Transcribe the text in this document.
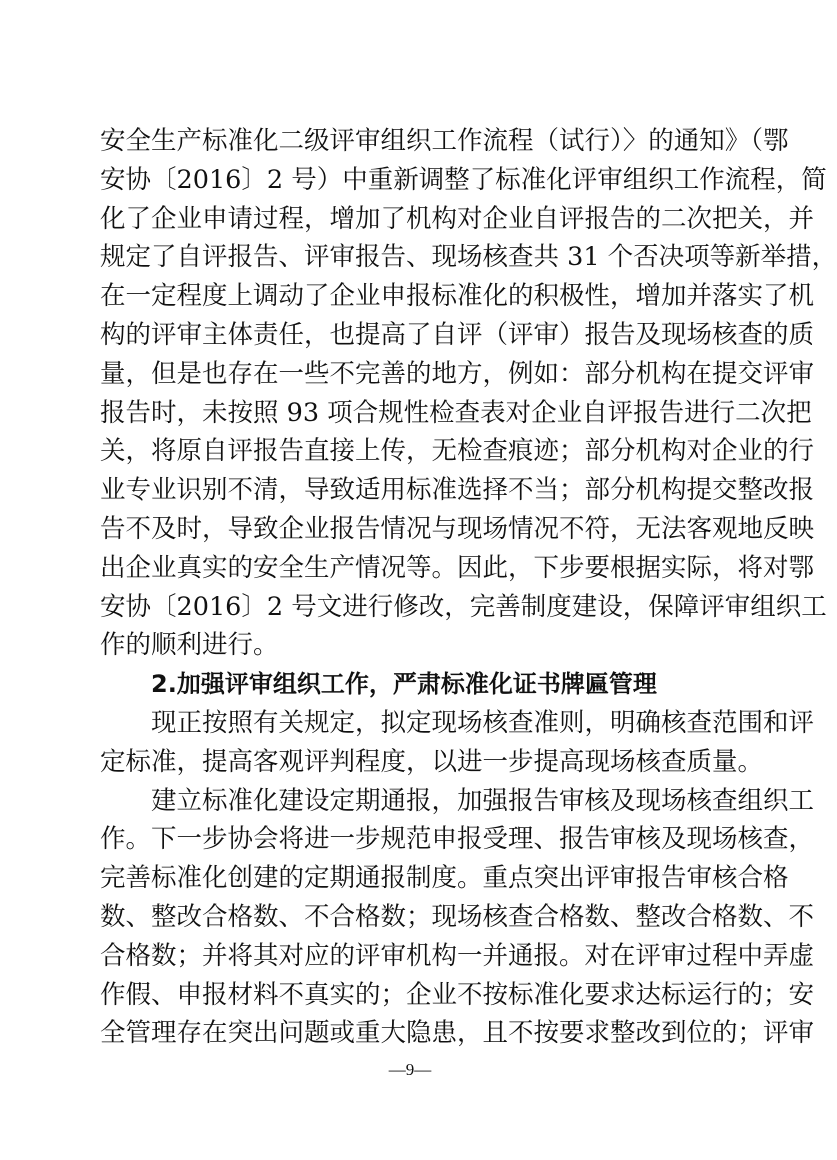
安全生产标准化二级评审组织工作流程（试行）〉的通知》（鄂
安协〔2016〕2 号）中重新调整了标准化评审组织工作流程，简
化了企业申请过程，增加了机构对企业自评报告的二次把关，并
规定了自评报告、评审报告、现场核查共 31 个否决项等新举措，
在一定程度上调动了企业申报标准化的积极性，增加并落实了机
构的评审主体责任，也提高了自评（评审）报告及现场核查的质
量，但是也存在一些不完善的地方，例如：部分机构在提交评审
报告时，未按照 93 项合规性检查表对企业自评报告进行二次把
关，将原自评报告直接上传，无检查痕迹；部分机构对企业的行
业专业识别不清，导致适用标准选择不当；部分机构提交整改报
告不及时，导致企业报告情况与现场情况不符，无法客观地反映
出企业真实的安全生产情况等。因此，下步要根据实际，将对鄂
安协〔2016〕2 号文进行修改，完善制度建设，保障评审组织工
作的顺利进行。
2.加强评审组织工作，严肃标准化证书牌匾管理
现正按照有关规定，拟定现场核查准则，明确核查范围和评
定标准，提高客观评判程度，以进一步提高现场核查质量。
建立标准化建设定期通报，加强报告审核及现场核查组织工
作。下一步协会将进一步规范申报受理、报告审核及现场核查，
完善标准化创建的定期通报制度。重点突出评审报告审核合格
数、整改合格数、不合格数；现场核查合格数、整改合格数、不
合格数；并将其对应的评审机构一并通报。对在评审过程中弄虚
作假、申报材料不真实的；企业不按标准化要求达标运行的；安
全管理存在突出问题或重大隐患，且不按要求整改到位的；评审
—9—
